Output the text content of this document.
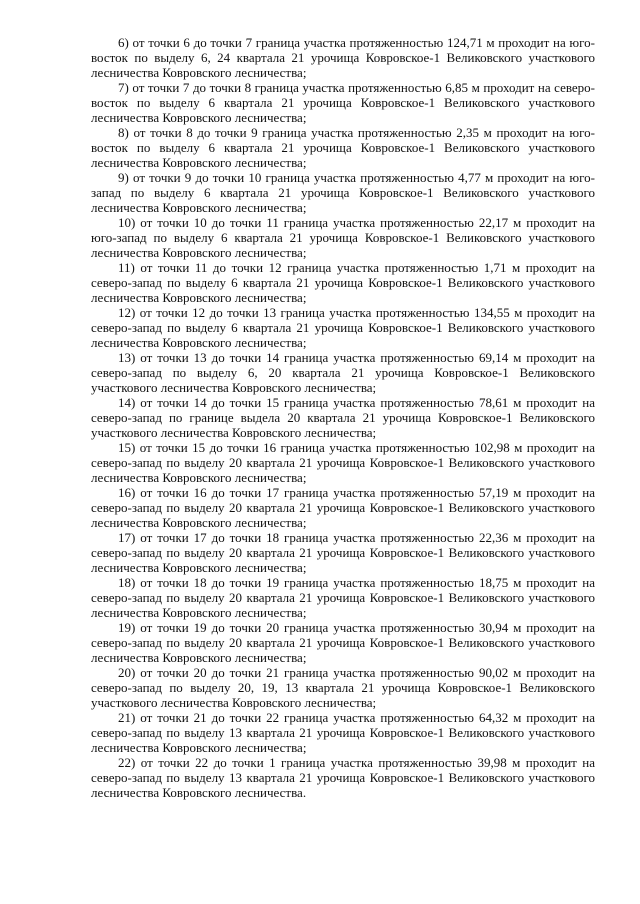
6) от точки 6 до точки 7 граница участка протяженностью 124,71 м проходит на юго-восток по выделу 6, 24 квартала 21 урочища Ковровское-1 Великовского участкового лесничества Ковровского лесничества;

7) от точки 7 до точки 8 граница участка протяженностью 6,85 м проходит на северо-восток по выделу 6 квартала 21 урочища Ковровское-1 Великовского участкового лесничества Ковровского лесничества;

8) от точки 8 до точки 9 граница участка протяженностью 2,35 м проходит на юго-восток по выделу 6 квартала 21 урочища Ковровское-1 Великовского участкового лесничества Ковровского лесничества;

9) от точки 9 до точки 10 граница участка протяженностью 4,77 м проходит на юго-запад по выделу 6 квартала 21 урочища Ковровское-1 Великовского участкового лесничества Ковровского лесничества;

10) от точки 10 до точки 11 граница участка протяженностью 22,17 м проходит на юго-запад по выделу 6 квартала 21 урочища Ковровское-1 Великовского участкового лесничества Ковровского лесничества;

11) от точки 11 до точки 12 граница участка протяженностью 1,71 м проходит на северо-запад по выделу 6 квартала 21 урочища Ковровское-1 Великовского участкового лесничества Ковровского лесничества;

12) от точки 12 до точки 13 граница участка протяженностью 134,55 м проходит на северо-запад по выделу 6 квартала 21 урочища Ковровское-1 Великовского участкового лесничества Ковровского лесничества;

13) от точки 13 до точки 14 граница участка протяженностью 69,14 м проходит на северо-запад по выделу 6, 20 квартала 21 урочища Ковровское-1 Великовского участкового лесничества Ковровского лесничества;

14) от точки 14 до точки 15 граница участка протяженностью 78,61 м проходит на северо-запад по границе выдела 20 квартала 21 урочища Ковровское-1 Великовского участкового лесничества Ковровского лесничества;

15) от точки 15 до точки 16 граница участка протяженностью 102,98 м проходит на северо-запад по выделу 20 квартала 21 урочища Ковровское-1 Великовского участкового лесничества Ковровского лесничества;

16) от точки 16 до точки 17 граница участка протяженностью 57,19 м проходит на северо-запад по выделу 20 квартала 21 урочища Ковровское-1 Великовского участкового лесничества Ковровского лесничества;

17) от точки 17 до точки 18 граница участка протяженностью 22,36 м проходит на северо-запад по выделу 20 квартала 21 урочища Ковровское-1 Великовского участкового лесничества Ковровского лесничества;

18) от точки 18 до точки 19 граница участка протяженностью 18,75 м проходит на северо-запад по выделу 20 квартала 21 урочища Ковровское-1 Великовского участкового лесничества Ковровского лесничества;

19) от точки 19 до точки 20 граница участка протяженностью 30,94 м проходит на северо-запад по выделу 20 квартала 21 урочища Ковровское-1 Великовского участкового лесничества Ковровского лесничества;

20) от точки 20 до точки 21 граница участка протяженностью 90,02 м проходит на северо-запад по выделу 20, 19, 13 квартала 21 урочища Ковровское-1 Великовского участкового лесничества Ковровского лесничества;

21) от точки 21 до точки 22 граница участка протяженностью 64,32 м проходит на северо-запад по выделу 13 квартала 21 урочища Ковровское-1 Великовского участкового лесничества Ковровского лесничества;

22) от точки 22 до точки 1 граница участка протяженностью 39,98 м проходит на северо-запад по выделу 13 квартала 21 урочища Ковровское-1 Великовского участкового лесничества Ковровского лесничества.
